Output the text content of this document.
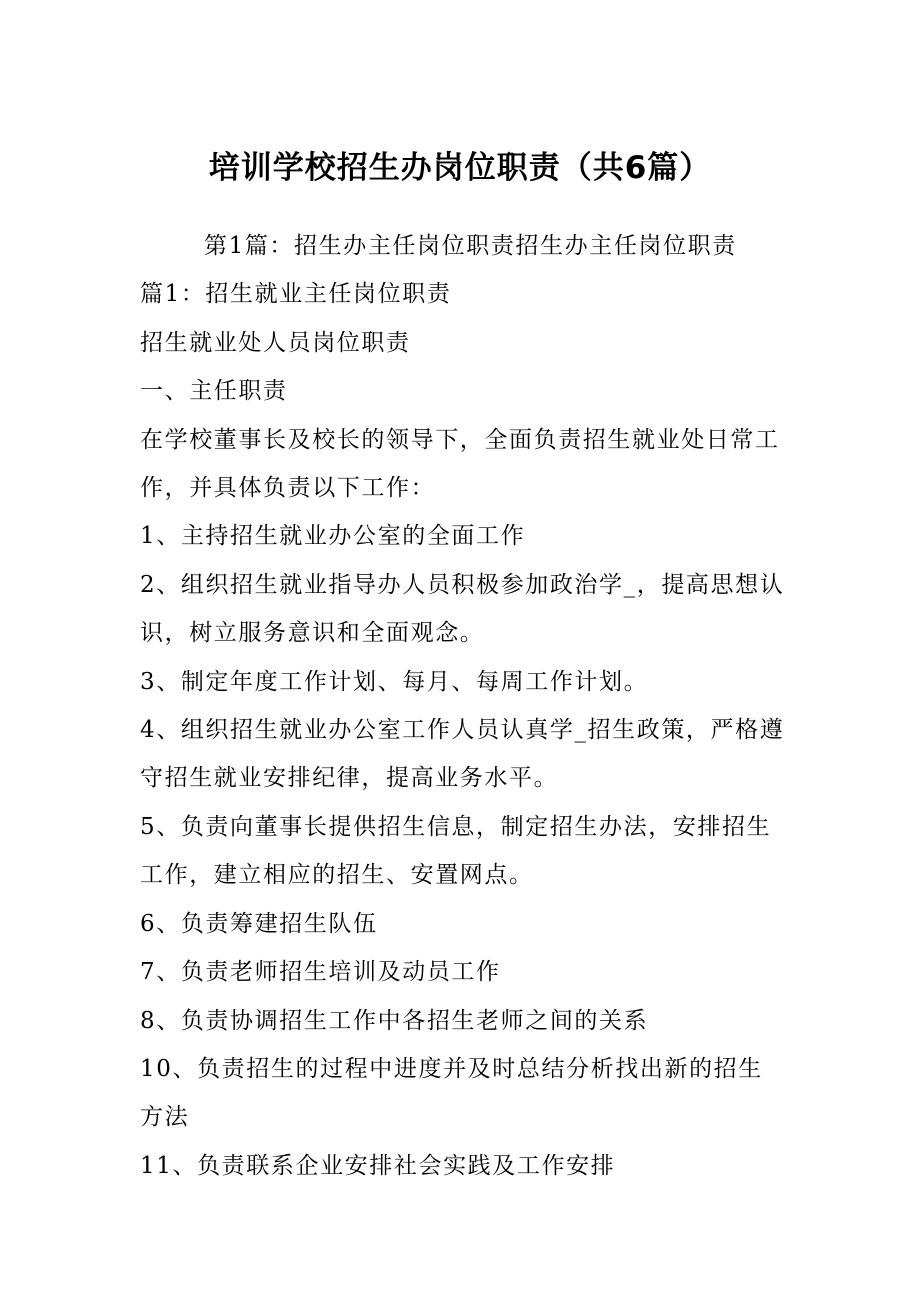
培训学校招生办岗位职责（共6篇）

第1篇：招生办主任岗位职责招生办主任岗位职责

篇1：招生就业主任岗位职责

招生就业处人员岗位职责

一、主任职责

在学校董事长及校长的领导下，全面负责招生就业处日常工作，并具体负责以下工作：

1、主持招生就业办公室的全面工作

2、组织招生就业指导办人员积极参加政治学_，提高思想认识，树立服务意识和全面观念。

3、制定年度工作计划、每月、每周工作计划。

4、组织招生就业办公室工作人员认真学_招生政策，严格遵守招生就业安排纪律，提高业务水平。

5、负责向董事长提供招生信息，制定招生办法，安排招生工作，建立相应的招生、安置网点。

6、负责筹建招生队伍

7、负责老师招生培训及动员工作

8、负责协调招生工作中各招生老师之间的关系

10、负责招生的过程中进度并及时总结分析找出新的招生方法

11、负责联系企业安排社会实践及工作安排
